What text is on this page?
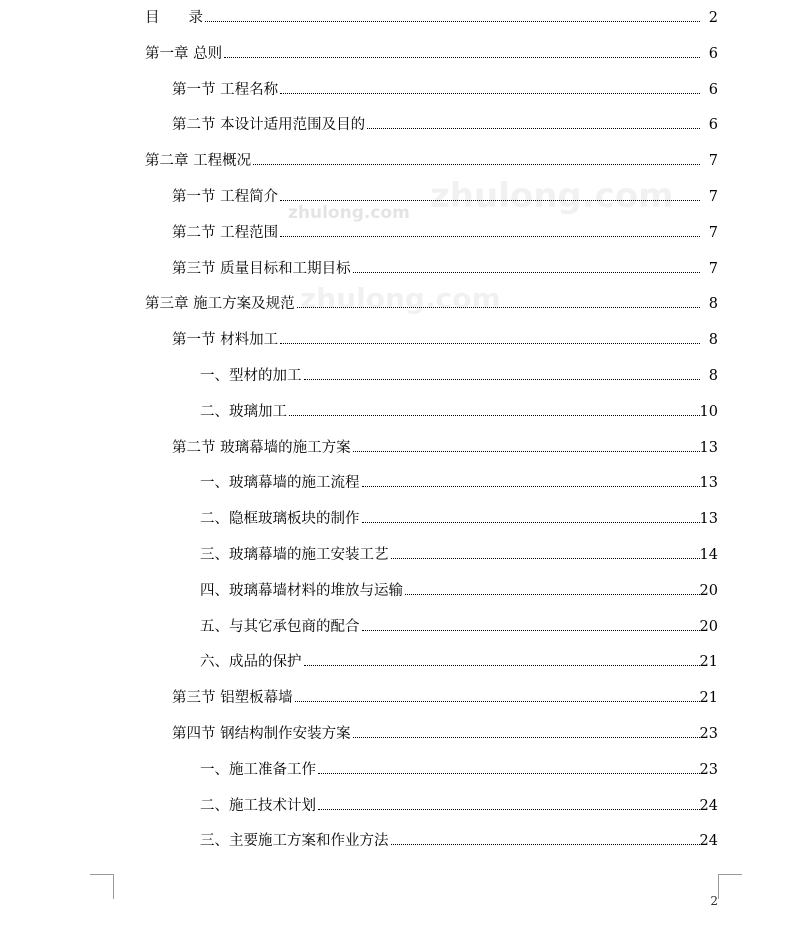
目　　录	2
第一章 总则	6
第一节 工程名称	6
第二节 本设计适用范围及目的	6
第二章 工程概况	7
第一节 工程简介	7
第二节 工程范围	7
第三节 质量目标和工期目标	7
第三章 施工方案及规范	8
第一节 材料加工	8
一、型材的加工	8
二、玻璃加工	10
第二节 玻璃幕墙的施工方案	13
一、玻璃幕墙的施工流程	13
二、隐框玻璃板块的制作	13
三、玻璃幕墙的施工安装工艺	14
四、玻璃幕墙材料的堆放与运输	20
五、与其它承包商的配合	20
六、成品的保护	21
第三节 铝塑板幕墙	21
第四节 钢结构制作安装方案	23
一、施工准备工作	23
二、施工技术计划	24
三、主要施工方案和作业方法	24
zhulong.com zhulong.com
zhulong.com
2
